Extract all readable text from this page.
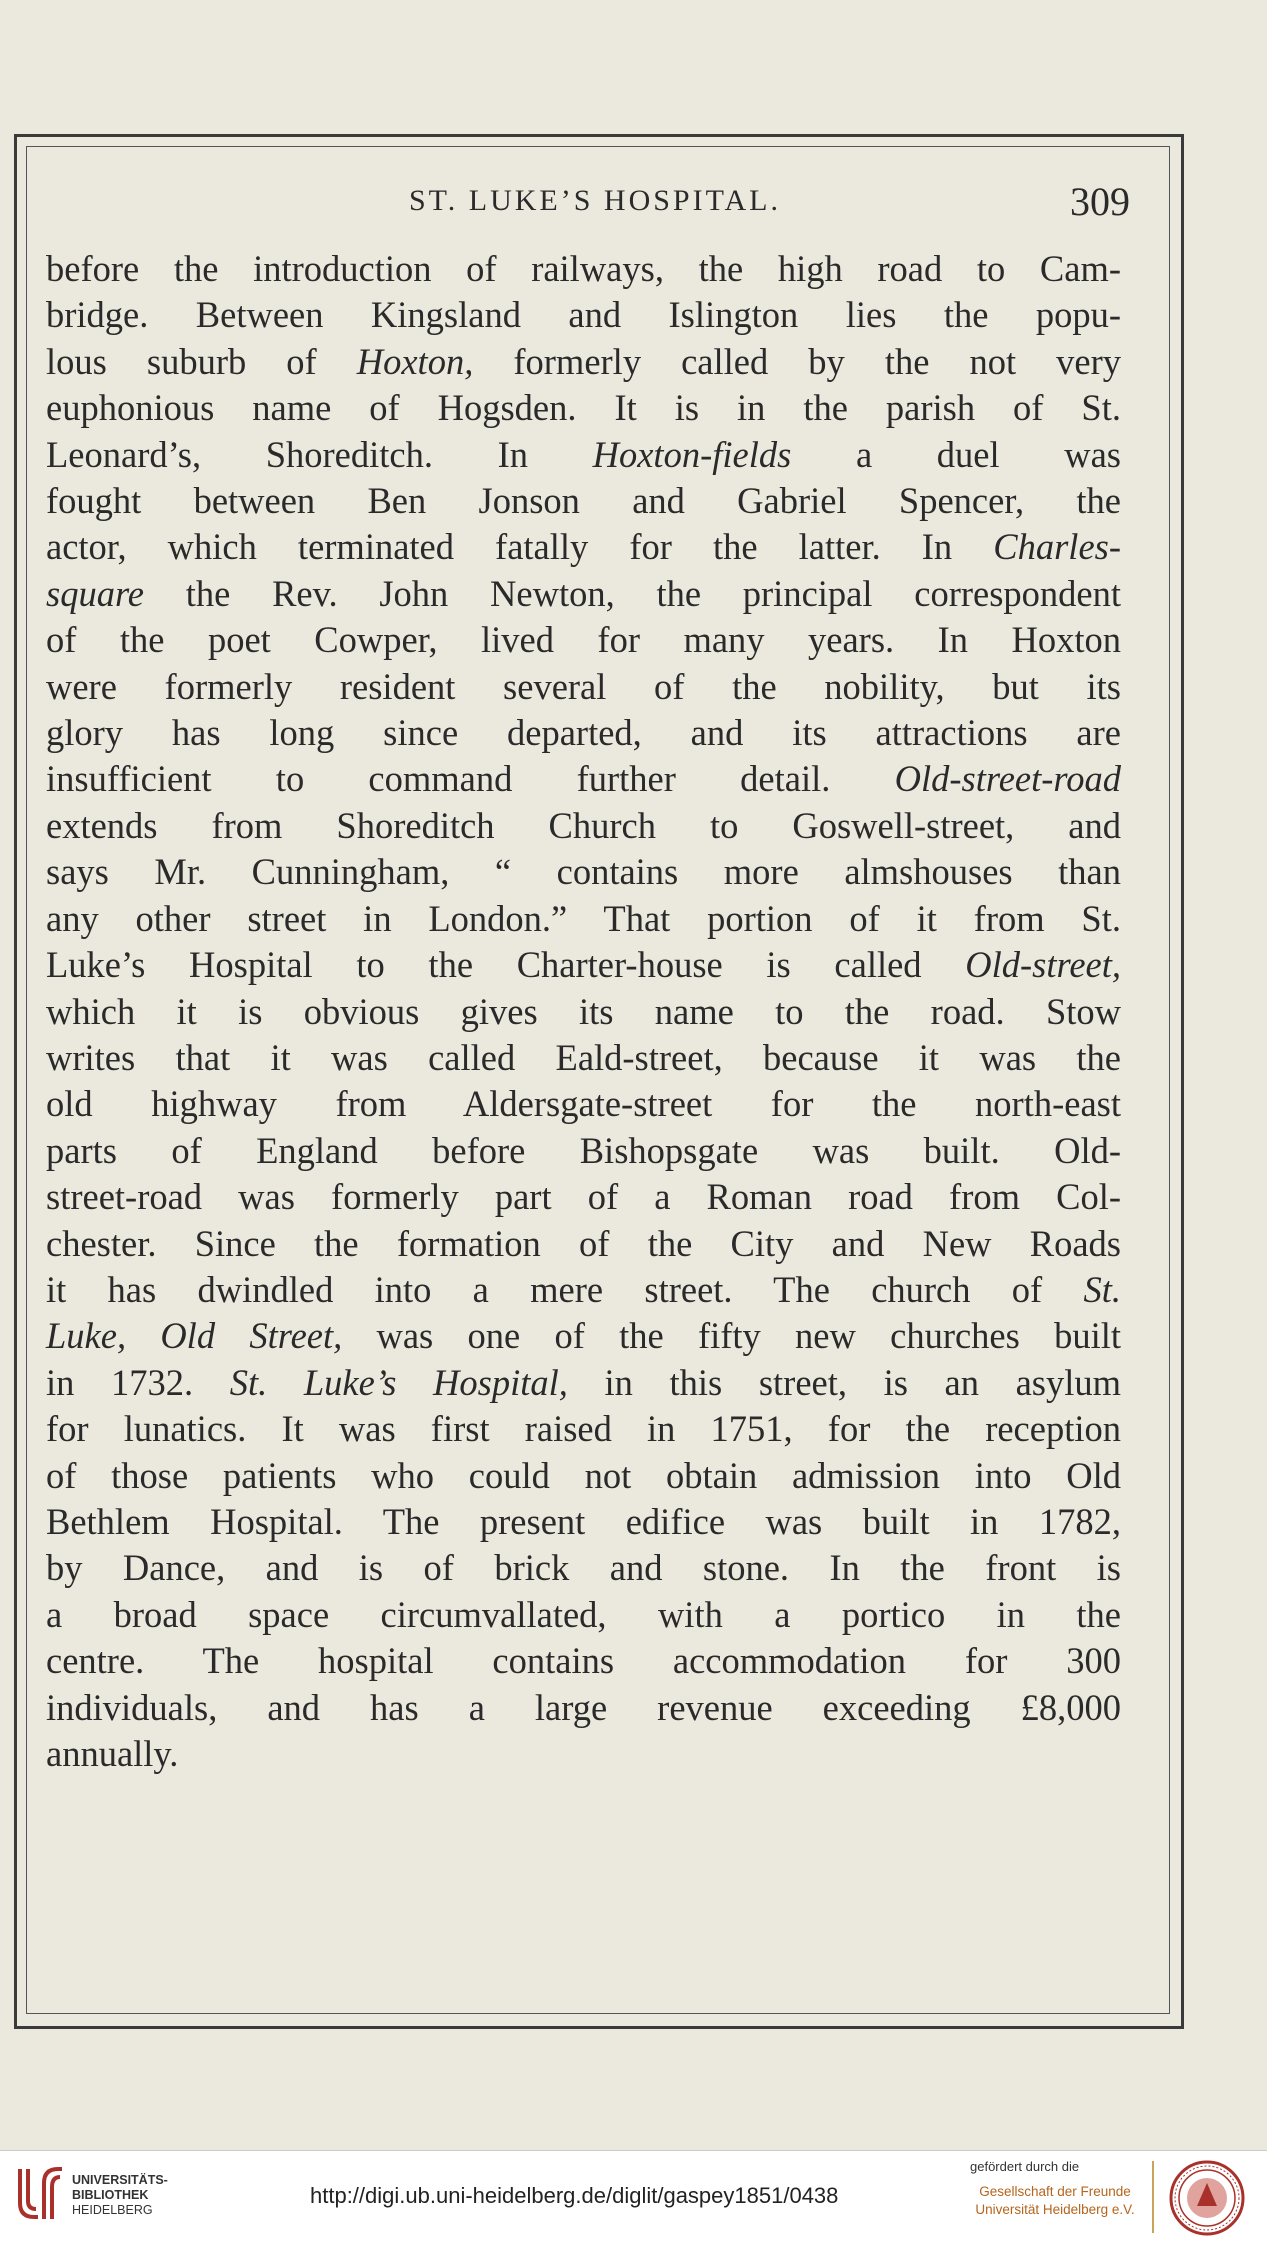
ST. LUKE’S HOSPITAL.	309
before the introduction of railways, the high road to Cam-
bridge. Between Kingsland and Islington lies the popu-
lous suburb of Hoxton, formerly called by the not very
euphonious name of Hogsden. It is in the parish of St.
Leonard’s, Shoreditch. In Hoxton-fields a duel was
fought between Ben Jonson and Gabriel Spencer, the
actor, which terminated fatally for the latter. In Charles-
square the Rev. John Newton, the principal correspondent
of the poet Cowper, lived for many years. In Hoxton
were formerly resident several of the nobility, but its
glory has long since departed, and its attractions are
insufficient to command further detail. Old-street-road
extends from Shoreditch Church to Goswell-street, and
says Mr. Cunningham, “ contains more almshouses than
any other street in London.” That portion of it from St.
Luke’s Hospital to the Charter-house is called Old-street,
which it is obvious gives its name to the road. Stow
writes that it was called Eald-street, because it was the
old highway from Aldersgate-street for the north-east
parts of England before Bishopsgate was built. Old-
street-road was formerly part of a Roman road from Col-
chester. Since the formation of the City and New Roads
it has dwindled into a mere street. The church of St.
Luke, Old Street, was one of the fifty new churches built
in 1732. St. Luke’s Hospital, in this street, is an asylum
for lunatics. It was first raised in 1751, for the reception
of those patients who could not obtain admission into Old
Bethlem Hospital. The present edifice was built in 1782,
by Dance, and is of brick and stone. In the front is
a broad space circumvallated, with a portico in the
centre. The hospital contains accommodation for 300
individuals, and has a large revenue exceeding £8,000
annually.
UNIVERSITÄTS-
BIBLIOTHEK
HEIDELBERG
http://digi.ub.uni-heidelberg.de/diglit/gaspey1851/0438
gefördert durch die
Gesellschaft der Freunde
Universität Heidelberg e.V.
